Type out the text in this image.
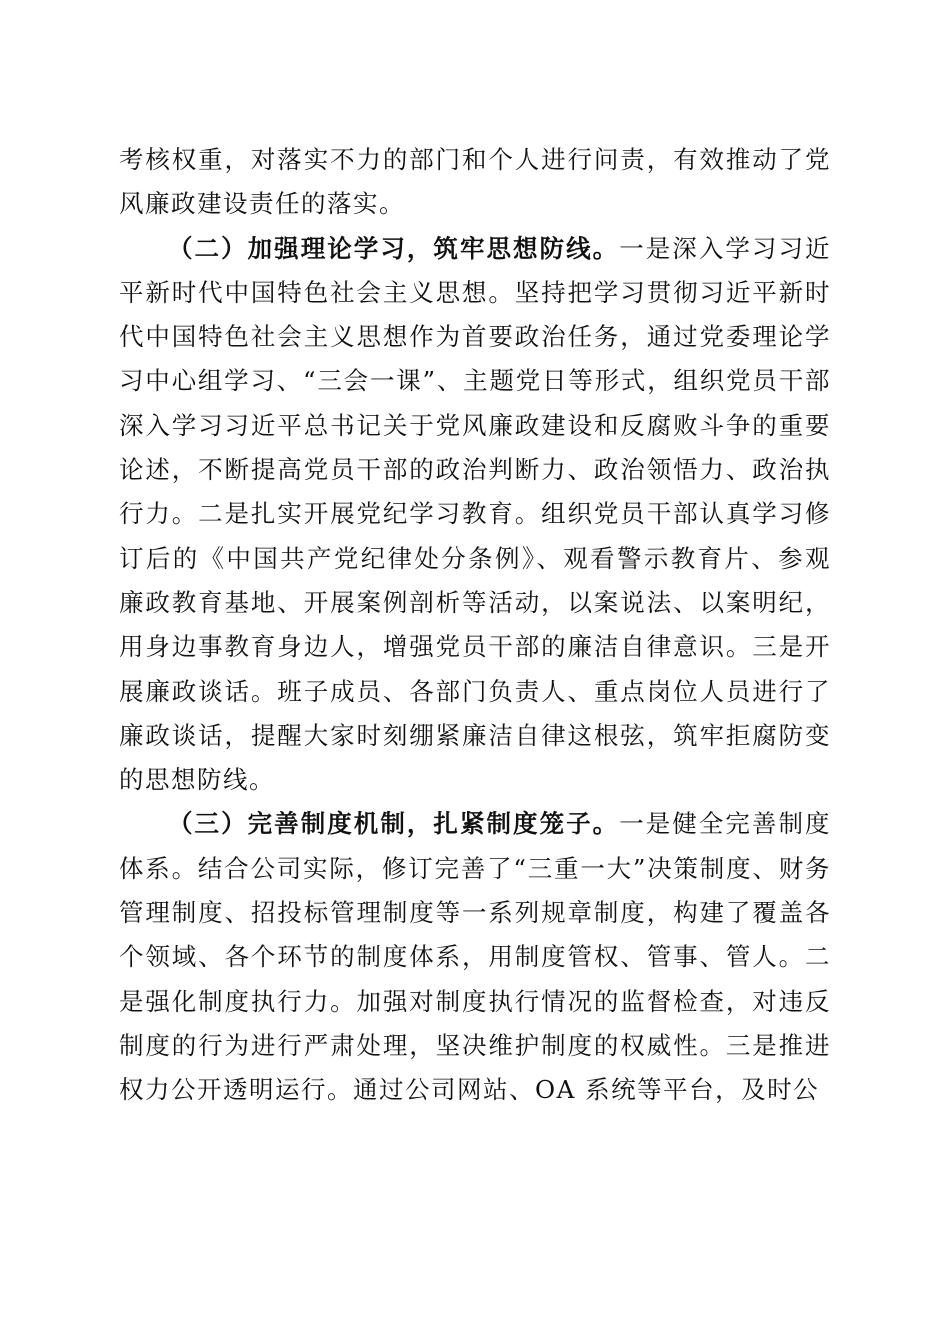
考核权重，对落实不力的部门和个人进行问责，有效推动了党风廉政建设责任的落实。

（二）加强理论学习，筑牢思想防线。一是深入学习习近平新时代中国特色社会主义思想。坚持把学习贯彻习近平新时代中国特色社会主义思想作为首要政治任务，通过党委理论学习中心组学习、“三会一课”、主题党日等形式，组织党员干部深入学习习近平总书记关于党风廉政建设和反腐败斗争的重要论述，不断提高党员干部的政治判断力、政治领悟力、政治执行力。二是扎实开展党纪学习教育。组织党员干部认真学习修订后的《中国共产党纪律处分条例》、观看警示教育片、参观廉政教育基地、开展案例剖析等活动，以案说法、以案明纪，用身边事教育身边人，增强党员干部的廉洁自律意识。三是开展廉政谈话。班子成员、各部门负责人、重点岗位人员进行了廉政谈话，提醒大家时刻绷紧廉洁自律这根弦，筑牢拒腐防变的思想防线。

（三）完善制度机制，扎紧制度笼子。一是健全完善制度体系。结合公司实际，修订完善了“三重一大”决策制度、财务管理制度、招投标管理制度等一系列规章制度，构建了覆盖各个领域、各个环节的制度体系，用制度管权、管事、管人。二是强化制度执行力。加强对制度执行情况的监督检查，对违反制度的行为进行严肃处理，坚决维护制度的权威性。三是推进权力公开透明运行。通过公司网站、OA 系统等平台，及时公
